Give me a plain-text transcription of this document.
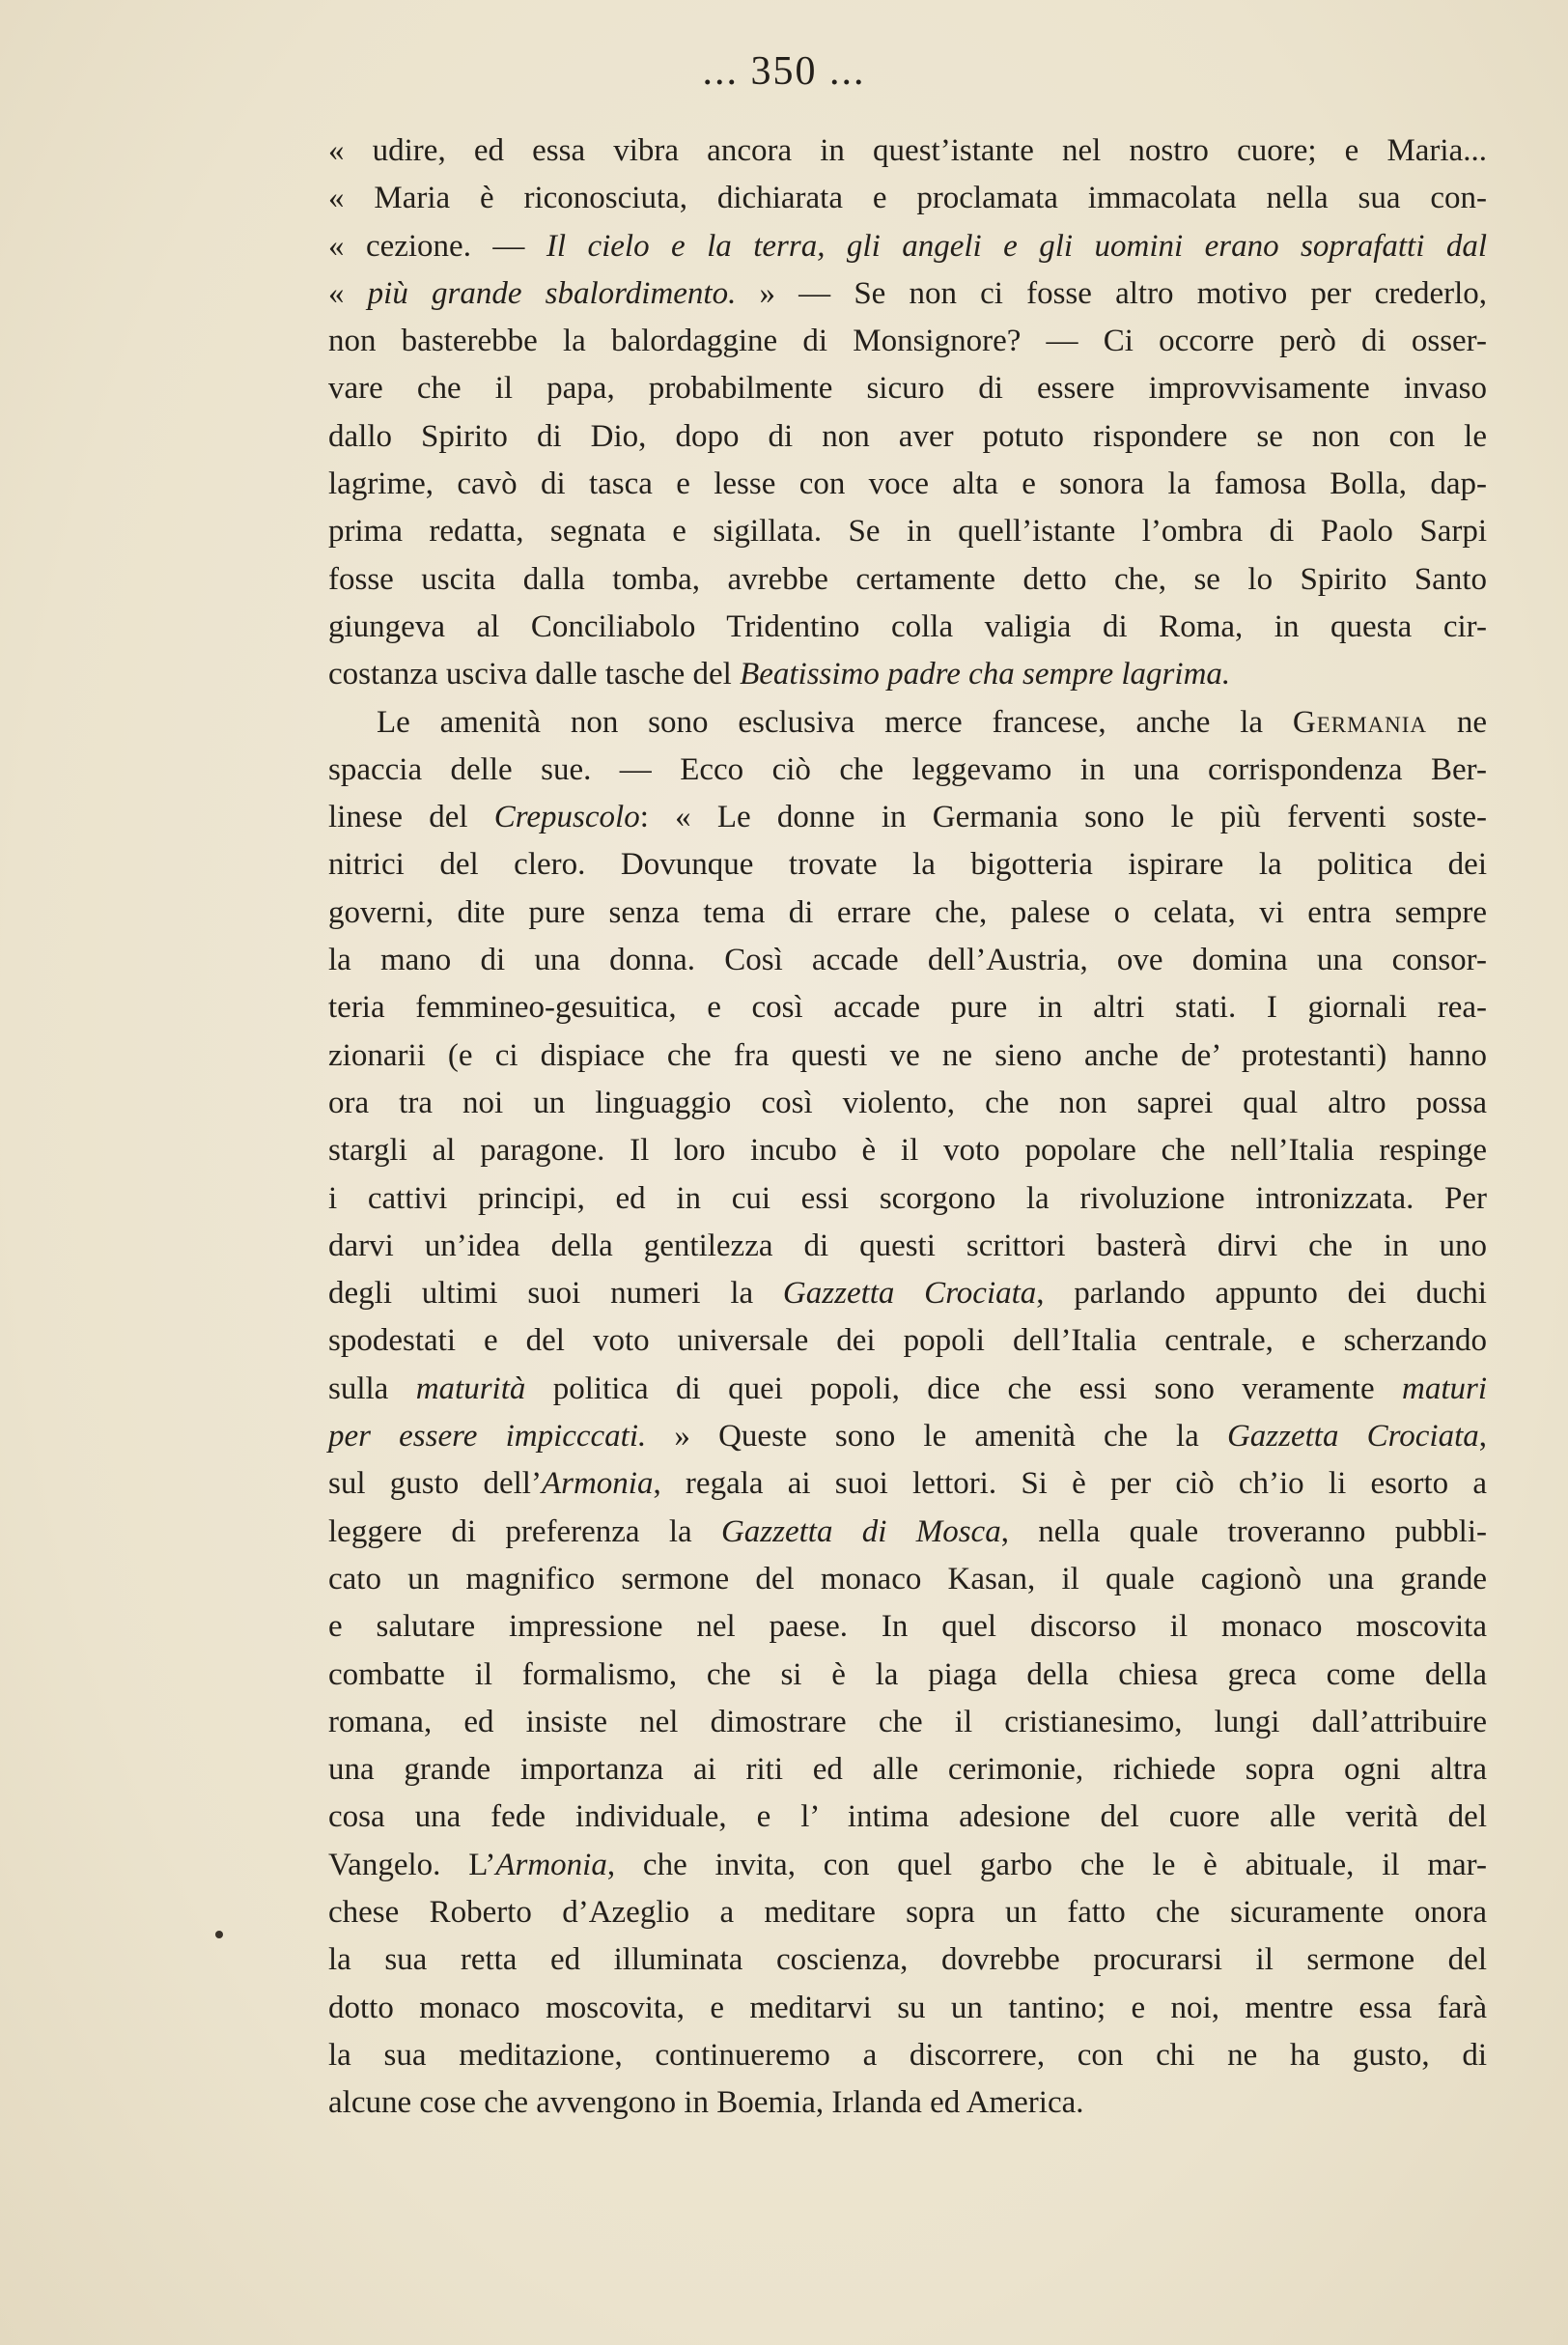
... 350 ...
« udire, ed essa vibra ancora in quest’istante nel nostro cuore; e Maria...
« Maria è riconosciuta, dichiarata e proclamata immacolata nella sua con-
« cezione. — Il cielo e la terra, gli angeli e gli uomini erano soprafatti dal
« più grande sbalordimento. » — Se non ci fosse altro motivo per crederlo,
non basterebbe la balordaggine di Monsignore? — Ci occorre però di osser-
vare che il papa, probabilmente sicuro di essere improvvisamente invaso
dallo Spirito di Dio, dopo di non aver potuto rispondere se non con le
lagrime, cavò di tasca e lesse con voce alta e sonora la famosa Bolla, dap-
prima redatta, segnata e sigillata. Se in quell’istante l’ombra di Paolo Sarpi
fosse uscita dalla tomba, avrebbe certamente detto che, se lo Spirito Santo
giungeva al Conciliabolo Tridentino colla valigia di Roma, in questa cir-
costanza usciva dalle tasche del Beatissimo padre cha sempre lagrima.
Le amenità non sono esclusiva merce francese, anche la Germania ne
spaccia delle sue. — Ecco ciò che leggevamo in una corrispondenza Ber-
linese del Crepuscolo: « Le donne in Germania sono le più ferventi soste-
nitrici del clero. Dovunque trovate la bigotteria ispirare la politica dei
governi, dite pure senza tema di errare che, palese o celata, vi entra sempre
la mano di una donna. Così accade dell’Austria, ove domina una consor-
teria femmineo-gesuitica, e così accade pure in altri stati. I giornali rea-
zionarii (e ci dispiace che fra questi ve ne sieno anche de’ protestanti) hanno
ora tra noi un linguaggio così violento, che non saprei qual altro possa
stargli al paragone. Il loro incubo è il voto popolare che nell’Italia respinge
i cattivi principi, ed in cui essi scorgono la rivoluzione intronizzata. Per
darvi un’idea della gentilezza di questi scrittori basterà dirvi che in uno
degli ultimi suoi numeri la Gazzetta Crociata, parlando appunto dei duchi
spodestati e del voto universale dei popoli dell’Italia centrale, e scherzando
sulla maturità politica di quei popoli, dice che essi sono veramente maturi
per essere impicccati. » Queste sono le amenità che la Gazzetta Crociata,
sul gusto dell’Armonia, regala ai suoi lettori. Si è per ciò ch’io li esorto a
leggere di preferenza la Gazzetta di Mosca, nella quale troveranno pubbli-
cato un magnifico sermone del monaco Kasan, il quale cagionò una grande
e salutare impressione nel paese. In quel discorso il monaco moscovita
combatte il formalismo, che si è la piaga della chiesa greca come della
romana, ed insiste nel dimostrare che il cristianesimo, lungi dall’attribuire
una grande importanza ai riti ed alle cerimonie, richiede sopra ogni altra
cosa una fede individuale, e l’ intima adesione del cuore alle verità del
Vangelo. L’Armonia, che invita, con quel garbo che le è abituale, il mar-
chese Roberto d’Azeglio a meditare sopra un fatto che sicuramente onora
la sua retta ed illuminata coscienza, dovrebbe procurarsi il sermone del
dotto monaco moscovita, e meditarvi su un tantino; e noi, mentre essa farà
la sua meditazione, continueremo a discorrere, con chi ne ha gusto, di
alcune cose che avvengono in Boemia, Irlanda ed America.
